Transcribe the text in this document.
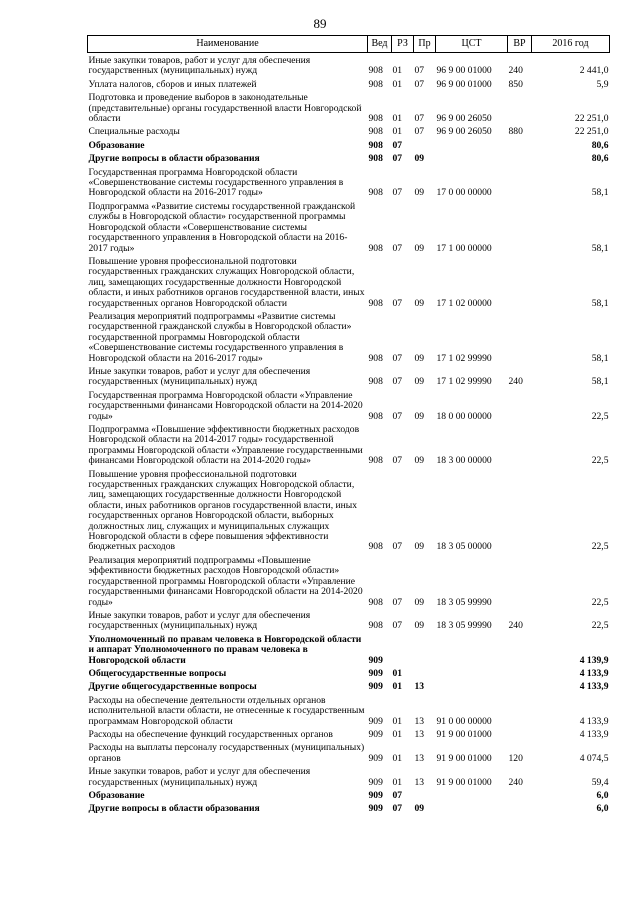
89
Наименование	Вед	РЗ	Пр	ЦСТ	ВР	2016 год
Иные закупки товаров, работ и услуг для обеспечения государственных (муниципальных) нужд	908	01	07	96 9 00 01000	240	2 441,0
Уплата налогов, сборов и иных платежей	908	01	07	96 9 00 01000	850	5,9
Подготовка и проведение выборов в законодательные (представительные) органы государственной власти Новгородской области	908	01	07	96 9 00 26050		22 251,0
Специальные расходы	908	01	07	96 9 00 26050	880	22 251,0
Образование	908	07				80,6
Другие вопросы в области образования	908	07	09			80,6
Государственная программа Новгородской области «Совершенствование системы государственного управления в Новгородской области на 2016-2017 годы»	908	07	09	17 0 00 00000		58,1
Подпрограмма «Развитие системы государственной гражданской службы в Новгородской области» государственной программы Новгородской области «Совершенствование системы государственного управления в Новгородской области на 2016-2017 годы»	908	07	09	17 1 00 00000		58,1
Повышение уровня профессиональной подготовки государственных гражданских служащих Новгородской области, лиц, замещающих государственные должности Новгородской области, и иных работников органов государственной власти, иных государственных органов Новгородской области	908	07	09	17 1 02 00000		58,1
Реализация мероприятий подпрограммы «Развитие системы государственной гражданской службы в Новгородской области» государственной программы Новгородской области «Совершенствование системы государственного управления в Новгородской области на 2016-2017 годы»	908	07	09	17 1 02 99990		58,1
Иные закупки товаров, работ и услуг для обеспечения государственных (муниципальных) нужд	908	07	09	17 1 02 99990	240	58,1
Государственная программа Новгородской области «Управление государственными финансами Новгородской области на 2014-2020 годы»	908	07	09	18 0 00 00000		22,5
Подпрограмма «Повышение эффективности бюджетных расходов Новгородской области на 2014-2017 годы» государственной программы Новгородской области «Управление государственными финансами Новгородской области на 2014-2020 годы»	908	07	09	18 3 00 00000		22,5
Повышение уровня профессиональной подготовки государственных гражданских служащих Новгородской области, лиц, замещающих государственные должности Новгородской области, иных работников органов государственной власти, иных государственных органов Новгородской области, выборных должностных лиц, служащих и муниципальных служащих Новгородской области в сфере повышения эффективности бюджетных расходов	908	07	09	18 3 05 00000		22,5
Реализация мероприятий подпрограммы «Повышение эффективности бюджетных расходов Новгородской области» государственной программы Новгородской области «Управление государственными финансами Новгородской области на 2014-2020 годы»	908	07	09	18 3 05 99990		22,5
Иные закупки товаров, работ и услуг для обеспечения государственных (муниципальных) нужд	908	07	09	18 3 05 99990	240	22,5
Уполномоченный по правам человека в Новгородской области и аппарат Уполномоченного по правам человека в Новгородской области	909					4 139,9
Общегосударственные вопросы	909	01				4 133,9
Другие общегосударственные вопросы	909	01	13			4 133,9
Расходы на обеспечение деятельности отдельных органов исполнительной власти области, не отнесенные к государственным программам Новгородской области	909	01	13	91 0 00 00000		4 133,9
Расходы на обеспечение функций государственных органов	909	01	13	91 9 00 01000		4 133,9
Расходы на выплаты персоналу государственных (муниципальных) органов	909	01	13	91 9 00 01000	120	4 074,5
Иные закупки товаров, работ и услуг для обеспечения государственных (муниципальных) нужд	909	01	13	91 9 00 01000	240	59,4
Образование	909	07				6,0
Другие вопросы в области образования	909	07	09			6,0
